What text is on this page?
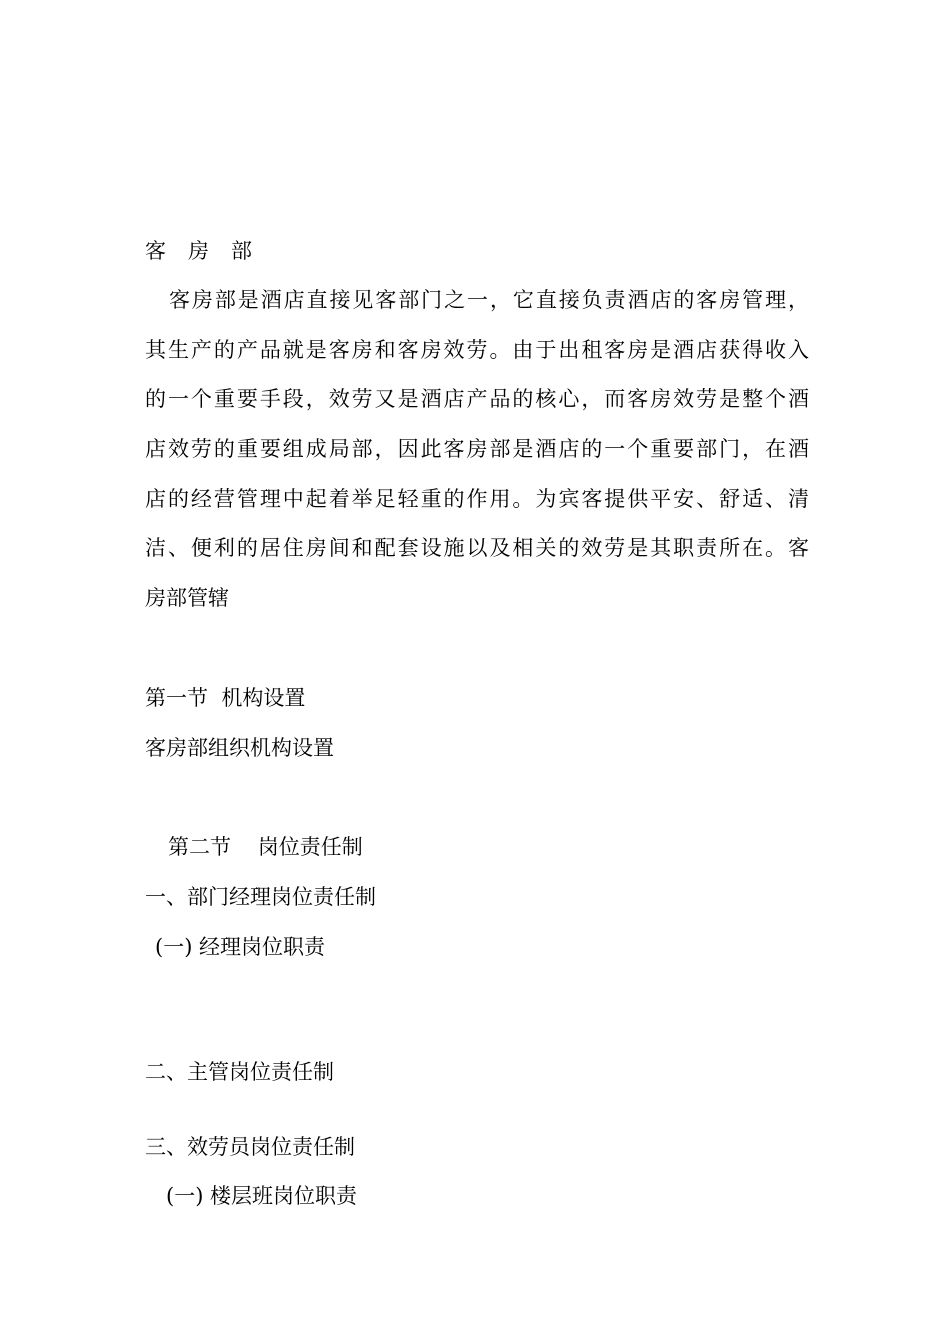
客 房 部
客房部是酒店直接见客部门之一，它直接负责酒店的客房管理，
其生产的产品就是客房和客房效劳。由于出租客房是酒店获得收入
的一个重要手段，效劳又是酒店产品的核心，而客房效劳是整个酒
店效劳的重要组成局部，因此客房部是酒店的一个重要部门，在酒
店的经营管理中起着举足轻重的作用。为宾客提供平安、舒适、清
洁、便利的居住房间和配套设施以及相关的效劳是其职责所在。客
房部管辖
第一节  机构设置
客房部组织机构设置
第二节    岗位责任制
一、部门经理岗位责任制
(一) 经理岗位职责
二、主管岗位责任制
三、效劳员岗位责任制
(一) 楼层班岗位职责
